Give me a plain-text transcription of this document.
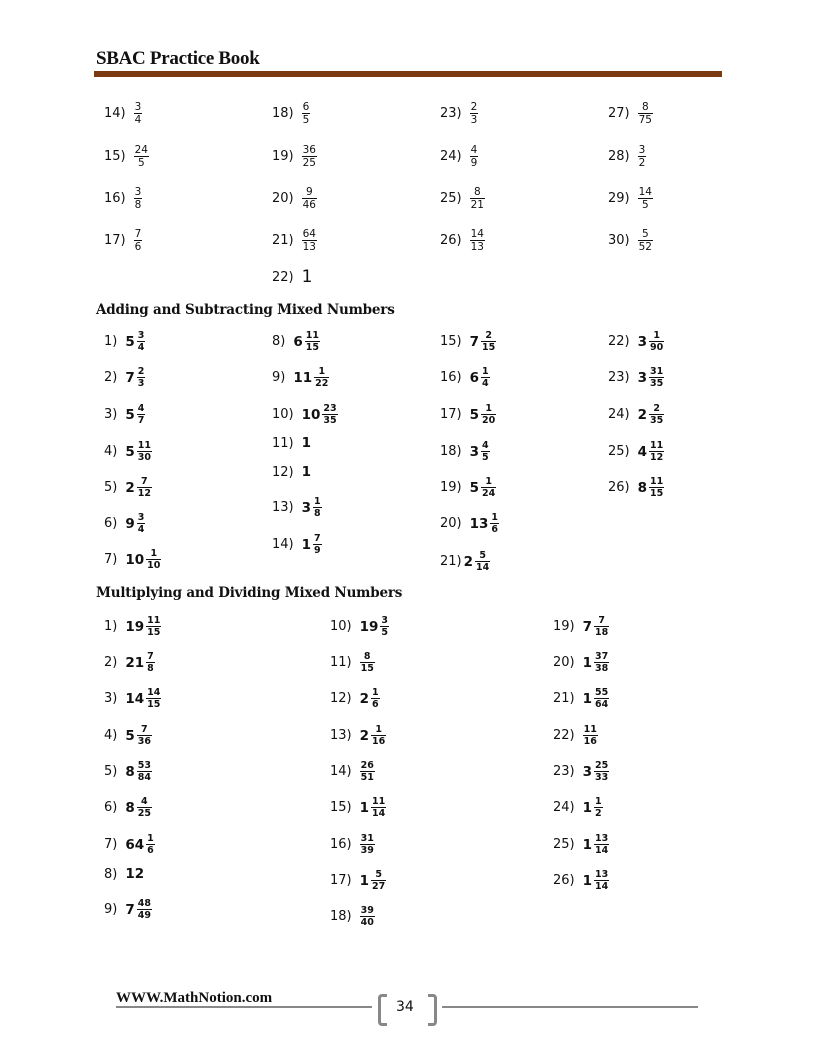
SBAC Practice Book
$14) \frac{3}{4}$
$15) \frac{24}{5}$
$16) \frac{3}{8}$
$17) \frac{7}{6}$
$18) \frac{6}{5}$
$19) \frac{36}{25}$
$20) \frac{9}{46}$
$21) \frac{64}{13}$
22) 1
$23) \frac{2}{3}$
$24) \frac{4}{9}$
$25) \frac{8}{21}$
$26) \frac{14}{13}$
$27) \frac{8}{75}$
$28) \frac{3}{2}$
$29) \frac{14}{5}$
$30) \frac{5}{52}$
1) $5 \frac{3}{4}$
2) $7 \frac{2}{3}$
3) $5 \frac{4}{7}$
4) $5 \frac{11}{30}$
5) $2 \frac{7}{12}$
6) $9 \frac{3}{4}$
7) $10 \frac{1}{10}$
8) $6 \frac{11}{15}$
9) $11 \frac{1}{22}$
10) $10 \frac{23}{35}$
11) 1
12) 1
13) $3 \frac{1}{8}$
14) $1 \frac{7}{9}$
15) $7 \frac{2}{15}$
16) $6 \frac{1}{4}$
17) $5 \frac{1}{20}$
18) $3 \frac{4}{5}$
19) $5 \frac{1}{24}$
20) $13 \frac{1}{6}$
21) $2 \frac{5}{14}$
22) $3 \frac{1}{90}$
23) $3 \frac{31}{35}$
24) $2 \frac{2}{35}$
25) $4 \frac{11}{12}$
26) $8 \frac{11}{15}$
1) $19 \frac{11}{15}$
2) $21 \frac{7}{8}$
3) $14 \frac{14}{15}$
4) $5 \frac{7}{36}$
5) $8 \frac{53}{84}$
6) $8 \frac{4}{25}$
7) $64 \frac{1}{6}$
8) 12
9) $7 \frac{48}{49}$
10) $19 \frac{3}{5}$
$11) \frac{8}{15}$
12) $2 \frac{1}{6}$
13) $2 \frac{1}{16}$
$14) \frac{26}{51}$
15) $1 \frac{11}{14}$
$16) \frac{31}{39}$
17) $1 \frac{5}{27}$
$18) \frac{39}{40}$
19) $7 \frac{7}{18}$
20) $1 \frac{37}{38}$
21) $1 \frac{55}{64}$
$22) \frac{11}{16}$
23) $3 \frac{25}{33}$
24) $1 \frac{1}{2}$
25) $1 \frac{13}{14}$
26) $1 \frac{13}{14}$
Adding and Subtracting Mixed Numbers
Multiplying and Dividing Mixed Numbers
WWW.MathNotion.com
34
